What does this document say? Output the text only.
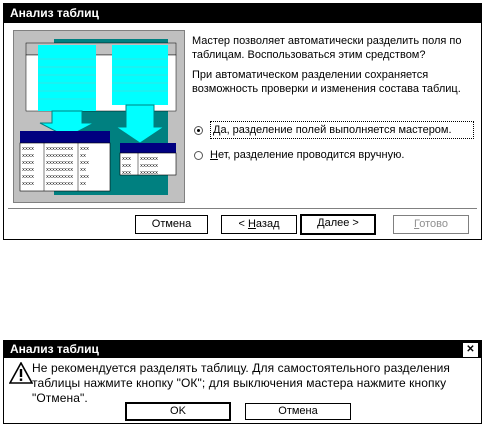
Анализ таблиц
xxxx xxxxxxxxx xxx
xxxx xxxxxxxxx xx
xxxx xxxxxxxxx xxx
xxxx xxxxxxxxx xx
xxxx xxxxxxxxx xxx
xxxx xxxxxxxxx xx
xxx xxxxxx
xxx xxxxxx
xxx xxxxxx
Мастер позволяет автоматически разделить поля по таблицам. Воспользоваться этим средством?
При автоматическом разделении сохраняется возможность проверки и изменения состава таблиц.
Да, разделение полей выполняется мастером.
Нет, разделение проводится вручную.
Отмена	< Назад	Далее >	Готово
Анализ таблиц	✕
Не рекомендуется разделять таблицу. Для самостоятельного разделения таблицы нажмите кнопку "ОК"; для выключения мастера нажмите кнопку "Отмена".
OK	Отмена
